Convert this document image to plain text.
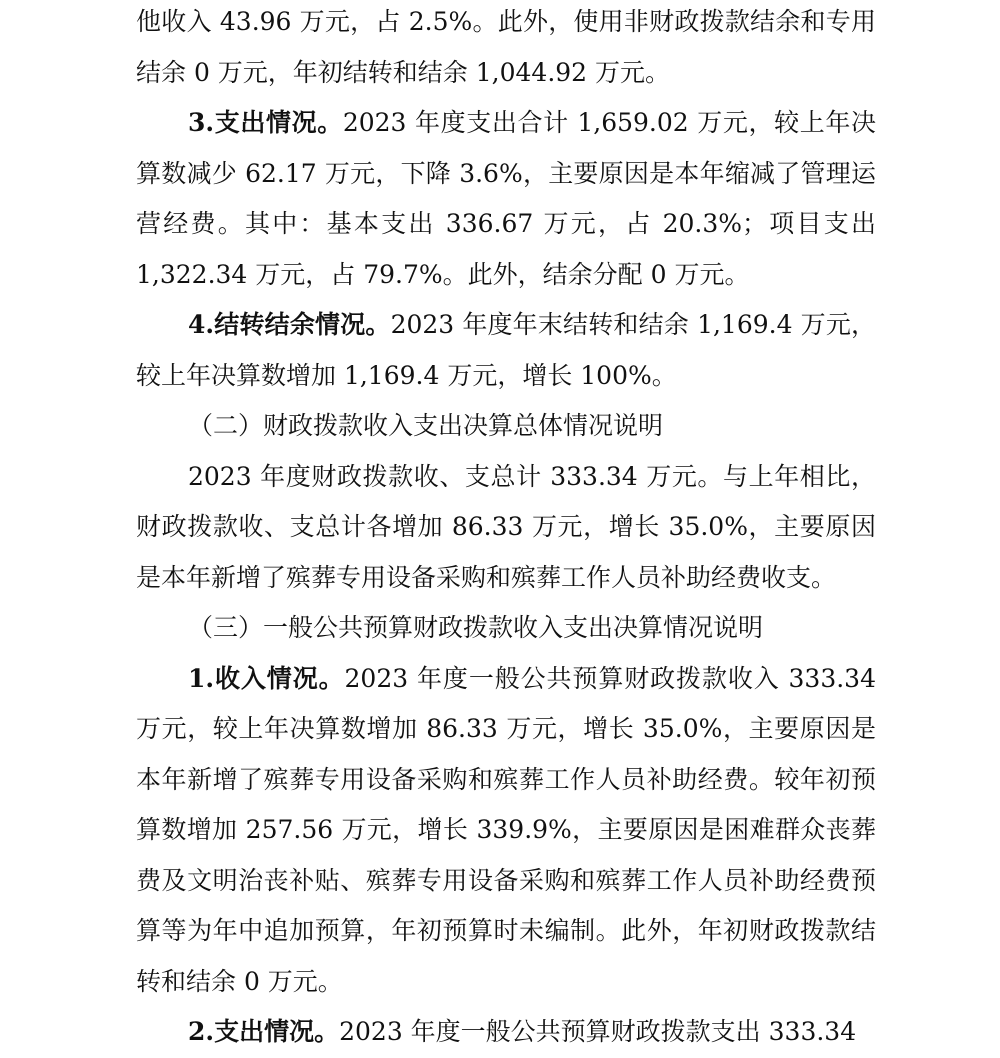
他收入 43.96 万元，占 2.5%。此外，使用非财政拨款结余和专用结余 0 万元，年初结转和结余 1,044.92 万元。

3.支出情况。2023 年度支出合计 1,659.02 万元，较上年决算数减少 62.17 万元，下降 3.6%，主要原因是本年缩减了管理运营经费。其中：基本支出 336.67 万元，占 20.3%；项目支出 1,322.34 万元，占 79.7%。此外，结余分配 0 万元。

4.结转结余情况。2023 年度年末结转和结余 1,169.4 万元，较上年决算数增加 1,169.4 万元，增长 100%。

（二）财政拨款收入支出决算总体情况说明

2023 年度财政拨款收、支总计 333.34 万元。与上年相比，财政拨款收、支总计各增加 86.33 万元，增长 35.0%，主要原因是本年新增了殡葬专用设备采购和殡葬工作人员补助经费收支。

（三）一般公共预算财政拨款收入支出决算情况说明

1.收入情况。2023 年度一般公共预算财政拨款收入 333.34 万元，较上年决算数增加 86.33 万元，增长 35.0%，主要原因是本年新增了殡葬专用设备采购和殡葬工作人员补助经费。较年初预算数增加 257.56 万元，增长 339.9%，主要原因是困难群众丧葬费及文明治丧补贴、殡葬专用设备采购和殡葬工作人员补助经费预算等为年中追加预算，年初预算时未编制。此外，年初财政拨款结转和结余 0 万元。

2.支出情况。2023 年度一般公共预算财政拨款支出 333.34
